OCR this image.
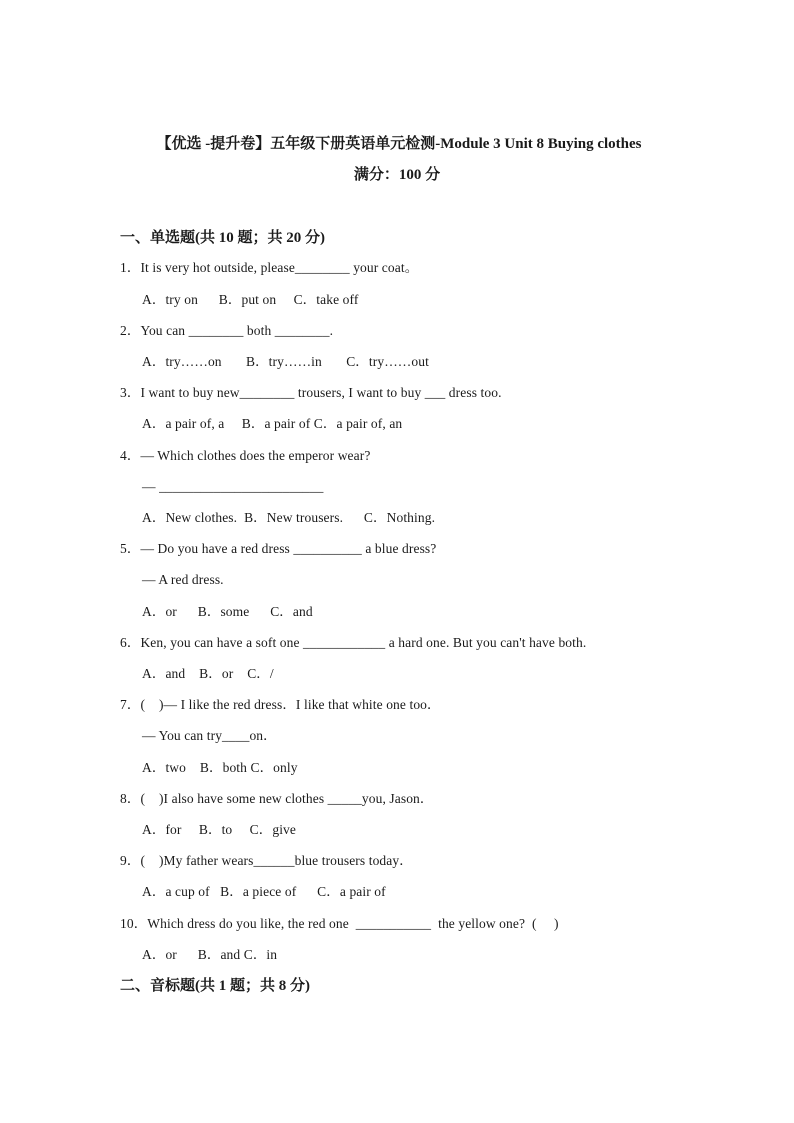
【优选 -提升卷】五年级下册英语单元检测-Module 3 Unit 8 Buying clothes
满分：100 分
一、单选题(共 10 题；共 20 分)
1．It is very hot outside, please________ your coat。
A．try on      B．put on     C．take off
2．You can ________ both ________.
A．try……on       B．try……in       C．try……out
3．I want to buy new________ trousers, I want to buy ___ dress too.
A．a pair of, a     B．a pair of C．a pair of, an
4．— Which clothes does the emperor wear?
— ________________________
A．New clothes.  B．New trousers.      C．Nothing.
5．— Do you have a red dress __________ a blue dress?
— A red dress.
A．or      B．some      C．and
6．Ken, you can have a soft one ____________ a hard one. But you can't have both.
A．and    B．or    C．/
7．(    )— I like the red dress．I like that white one too．
— You can try____on．
A．two    B．both C．only
8．(    )I also have some new clothes _____you, Jason．
A．for     B．to     C．give
9．(    )My father wears______blue trousers today．
A．a cup of   B．a piece of      C．a pair of
10．Which dress do you like, the red one  ___________  the yellow one?  (     )
A．or      B．and C．in
二、音标题(共 1 题；共 8 分)
